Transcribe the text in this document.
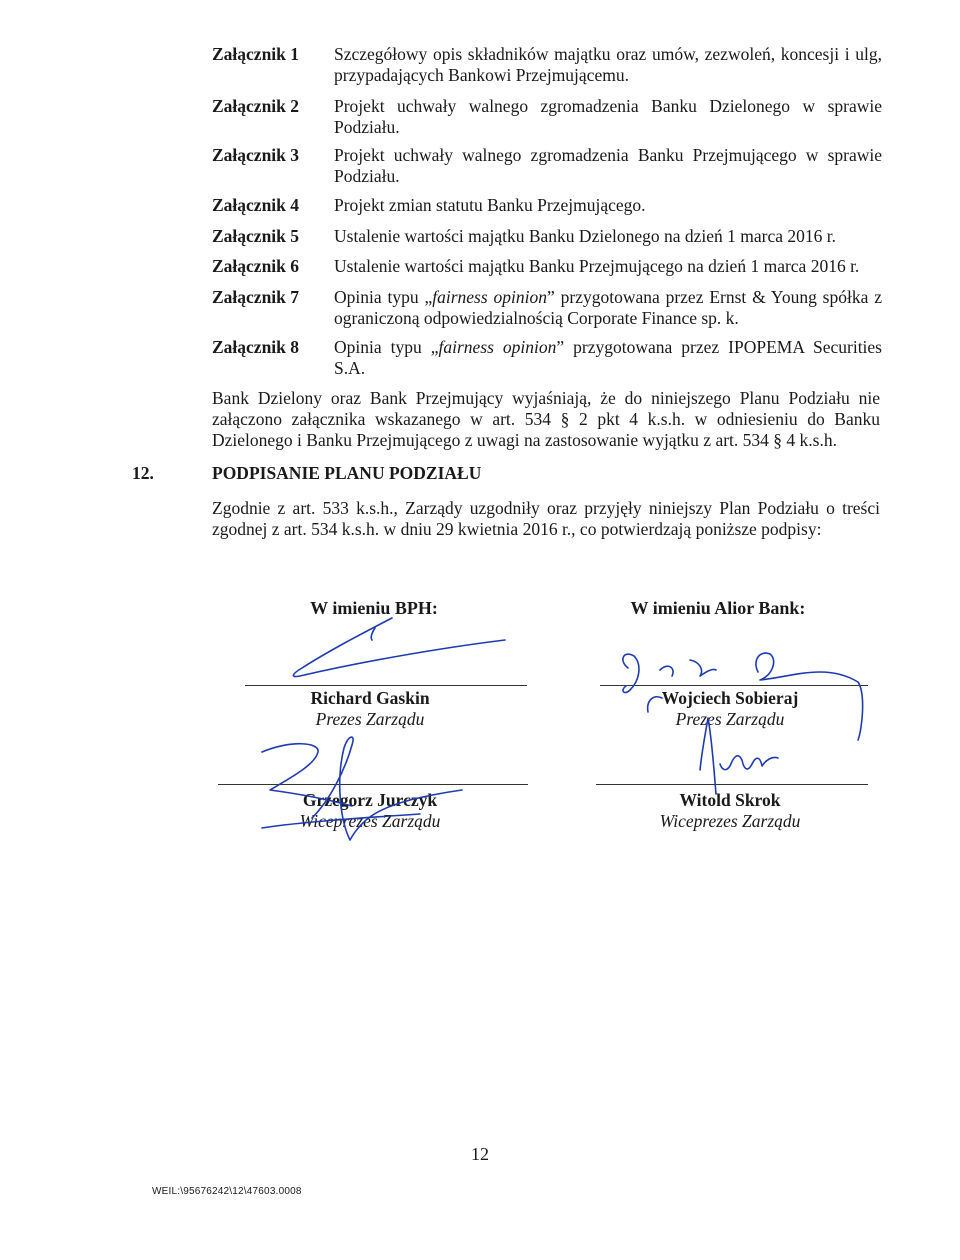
Załącznik 1	Szczegółowy opis składników majątku oraz umów, zezwoleń, koncesji i ulg, przypadających Bankowi Przejmującemu.
Załącznik 2	Projekt uchwały walnego zgromadzenia Banku Dzielonego w sprawie Podziału.
Załącznik 3	Projekt uchwały walnego zgromadzenia Banku Przejmującego w sprawie Podziału.
Załącznik 4	Projekt zmian statutu Banku Przejmującego.
Załącznik 5	Ustalenie wartości majątku Banku Dzielonego na dzień 1 marca 2016 r.
Załącznik 6	Ustalenie wartości majątku Banku Przejmującego na dzień 1 marca 2016 r.
Załącznik 7	Opinia typu „fairness opinion” przygotowana przez Ernst & Young spółka z ograniczoną odpowiedzialnością Corporate Finance sp. k.
Załącznik 8	Opinia typu „fairness opinion” przygotowana przez IPOPEMA Securities S.A.
Bank Dzielony oraz Bank Przejmujący wyjaśniają, że do niniejszego Planu Podziału nie załączono załącznika wskazanego w art. 534 § 2 pkt 4 k.s.h. w odniesieniu do Banku Dzielonego i Banku Przejmującego z uwagi na zastosowanie wyjątku z art. 534 § 4 k.s.h.
12.	PODPISANIE PLANU PODZIAŁU
Zgodnie z art. 533 k.s.h., Zarządy uzgodniły oraz przyjęły niniejszy Plan Podziału o treści zgodnej z art. 534 k.s.h. w dniu 29 kwietnia 2016 r., co potwierdzają poniższe podpisy:
W imieniu BPH:	W imieniu Alior Bank:
Richard Gaskin
Prezes Zarządu
Grzegorz Jurczyk
Wiceprezes Zarządu
Wojciech Sobieraj
Prezes Zarządu
Witold Skrok
Wiceprezes Zarządu
12
WEIL:\95676242\12\47603.0008
